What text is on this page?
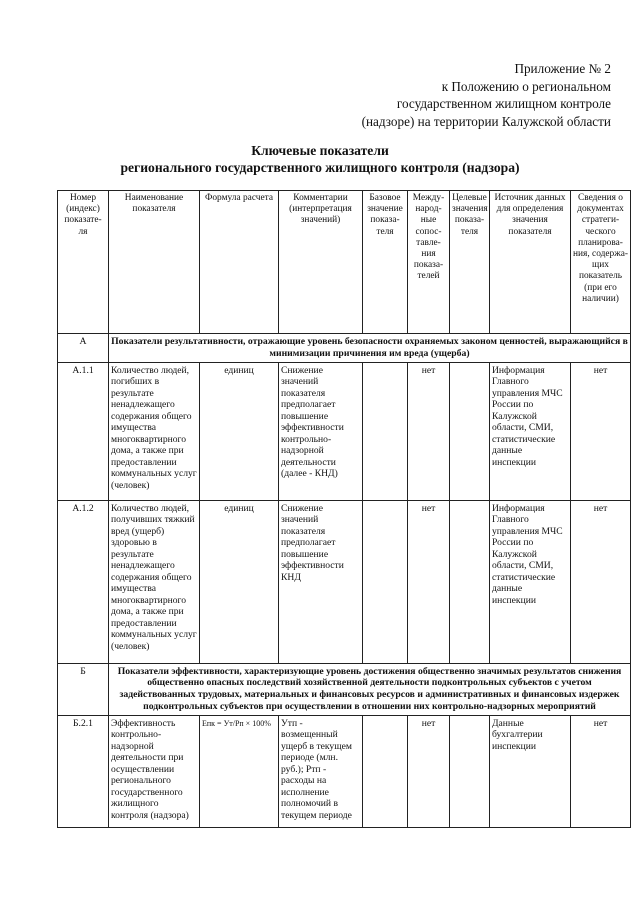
Приложение № 2
к Положению о региональном
государственном жилищном контроле
(надзоре) на территории Калужской области
Ключевые показатели
регионального государственного жилищного контроля (надзора)
Номер (индекс) показате-ля	Наименование показателя	Формула расчета	Комментарии (интерпретация значений)	Базовое значение показа-теля	Между-народ-ные сопос-тавле-ния показа-телей	Целевые значения показа-теля	Источник данных для определения значения показателя	Сведения о документах стратеги-ческого планирова-ния, содержа-щих показатель (при его наличии)
А	Показатели результативности, отражающие уровень безопасности охраняемых законом ценностей, выражающийся в минимизации причинения им вреда (ущерба)							
А.1.1	Количество людей, погибших в результате ненадлежащего содержания общего имущества многоквартирного дома, а также при предоставлении коммунальных услуг (человек)	единиц	Снижение значений показателя предполагает повышение эффективности контрольно-надзорной деятельности (далее - КНД)		нет		Информация Главного управления МЧС России по Калужской области, СМИ, статистические данные инспекции	нет
А.1.2	Количество людей, получивших тяжкий вред (ущерб) здоровью в результате ненадлежащего содержания общего имущества многоквартирного дома, а также при предоставлении коммунальных услуг (человек)	единиц	Снижение значений показателя предполагает повышение эффективности КНД		нет		Информация Главного управления МЧС России по Калужской области, СМИ, статистические данные инспекции	нет
Б	Показатели эффективности, характеризующие уровень достижения общественно значимых результатов снижения общественно опасных последствий хозяйственной деятельности подконтрольных субъектов с учетом задействованных трудовых, материальных и финансовых ресурсов и административных и финансовых издержек подконтрольных субъектов при осуществлении в отношении них контрольно-надзорных мероприятий							
Б.2.1	Эффективность контрольно-надзорной деятельности при осуществлении регионального государственного жилищного контроля (надзора)	Eпк = Ут/Рп × 100%	Утп - возмещенный ущерб в текущем периоде (млн. руб.); Ртп - расходы на исполнение полномочий в текущем периоде		нет		Данные бухгалтерии инспекции	нет
